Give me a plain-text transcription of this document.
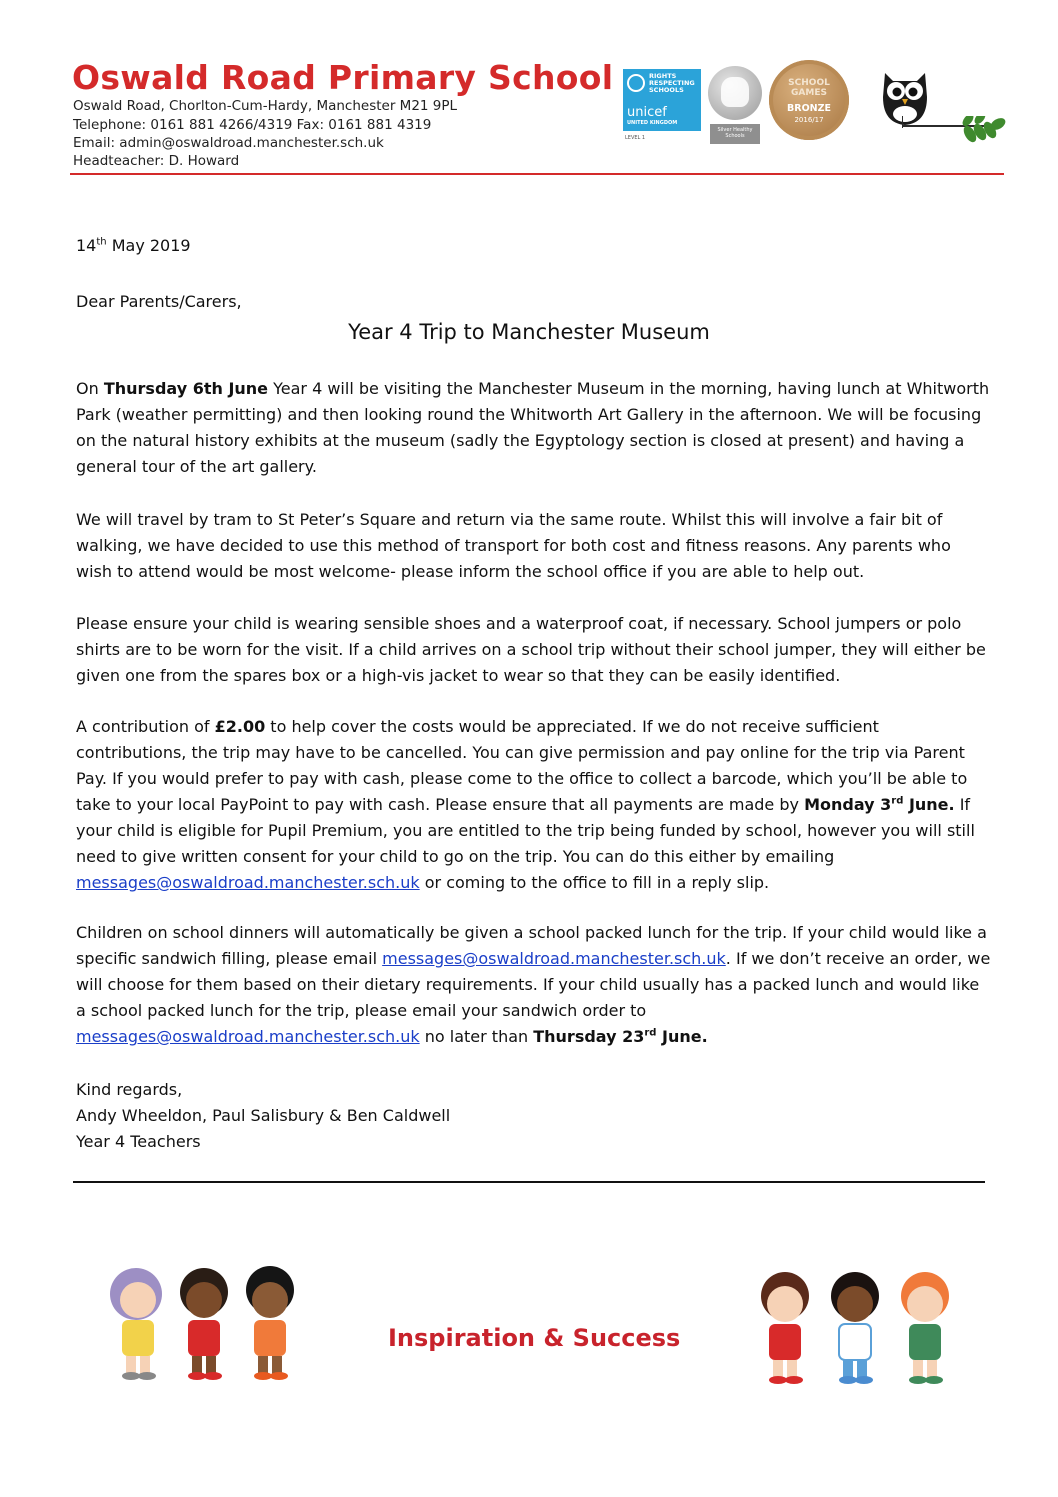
Oswald Road Primary School
Oswald Road, Chorlton-Cum-Hardy, Manchester M21 9PL
Telephone: 0161 881 4266/4319 Fax: 0161 881 4319
Email: admin@oswaldroad.manchester.sch.uk
Headteacher: D. Howard
RIGHTS RESPECTING SCHOOLS
unicef
UNITED KINGDOM
LEVEL 1
Silver Healthy Schools
SCHOOL GAMES
BRONZE
2016/17
14th May 2019
Dear Parents/Carers,
Year 4 Trip to Manchester Museum

On Thursday 6th June Year 4 will be visiting the Manchester Museum in the morning, having lunch at Whitworth Park (weather permitting) and then looking round the Whitworth Art Gallery in the afternoon. We will be focusing on the natural history exhibits at the museum (sadly the Egyptology section is closed at present) and having a general tour of the art gallery.

We will travel by tram to St Peter’s Square and return via the same route. Whilst this will involve a fair bit of walking, we have decided to use this method of transport for both cost and fitness reasons. Any parents who wish to attend would be most welcome- please inform the school office if you are able to help out.

Please ensure your child is wearing sensible shoes and a waterproof coat, if necessary. School jumpers or polo shirts are to be worn for the visit. If a child arrives on a school trip without their school jumper, they will either be given one from the spares box or a high-vis jacket to wear so that they can be easily identified.

A contribution of £2.00 to help cover the costs would be appreciated. If we do not receive sufficient contributions, the trip may have to be cancelled. You can give permission and pay online for the trip via Parent Pay. If you would prefer to pay with cash, please come to the office to collect a barcode, which you’ll be able to take to your local PayPoint to pay with cash. Please ensure that all payments are made by Monday 3rd June. If your child is eligible for Pupil Premium, you are entitled to the trip being funded by school, however you will still need to give written consent for your child to go on the trip. You can do this either by emailing messages@oswaldroad.manchester.sch.uk or coming to the office to fill in a reply slip.

Children on school dinners will automatically be given a school packed lunch for the trip. If your child would like a specific sandwich filling, please email messages@oswaldroad.manchester.sch.uk. If we don’t receive an order, we will choose for them based on their dietary requirements. If your child usually has a packed lunch and would like a school packed lunch for the trip, please email your sandwich order to messages@oswaldroad.manchester.sch.uk no later than Thursday 23rd June.

Kind regards,
Andy Wheeldon, Paul Salisbury & Ben Caldwell
Year 4 Teachers
Inspiration & Success
